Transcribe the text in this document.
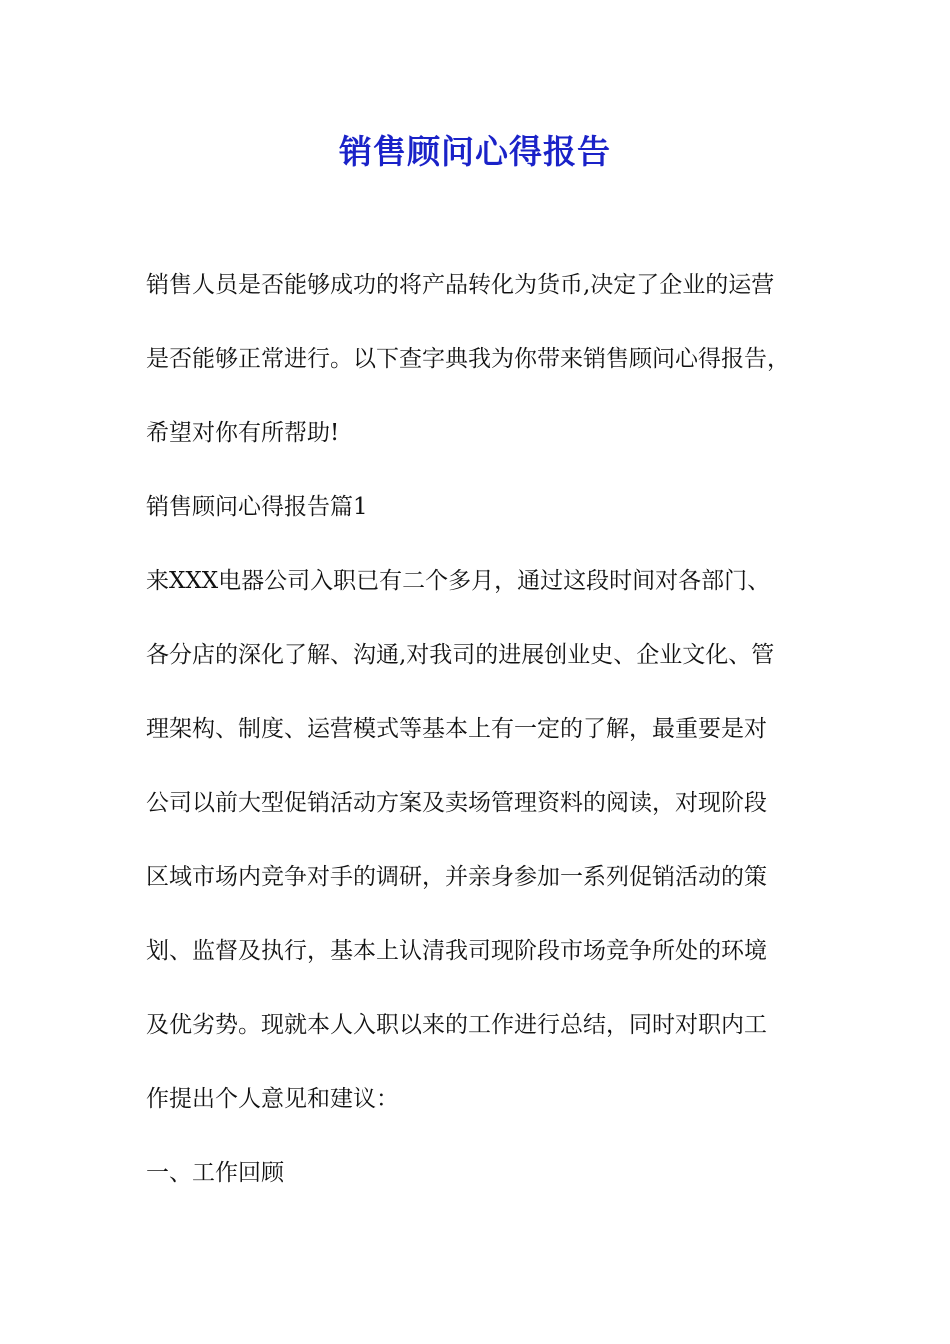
销售顾问心得报告

销售人员是否能够成功的将产品转化为货币,决定了企业的运营

是否能够正常进行。以下查字典我为你带来销售顾问心得报告，

希望对你有所帮助!

销售顾问心得报告篇1

来XXX电器公司入职已有二个多月，通过这段时间对各部门、

各分店的深化了解、沟通,对我司的进展创业史、企业文化、管

理架构、制度、运营模式等基本上有一定的了解，最重要是对

公司以前大型促销活动方案及卖场管理资料的阅读，对现阶段

区域市场内竞争对手的调研，并亲身参加一系列促销活动的策

划、监督及执行，基本上认清我司现阶段市场竞争所处的环境

及优劣势。现就本人入职以来的工作进行总结，同时对职内工

作提出个人意见和建议：

一、工作回顾
